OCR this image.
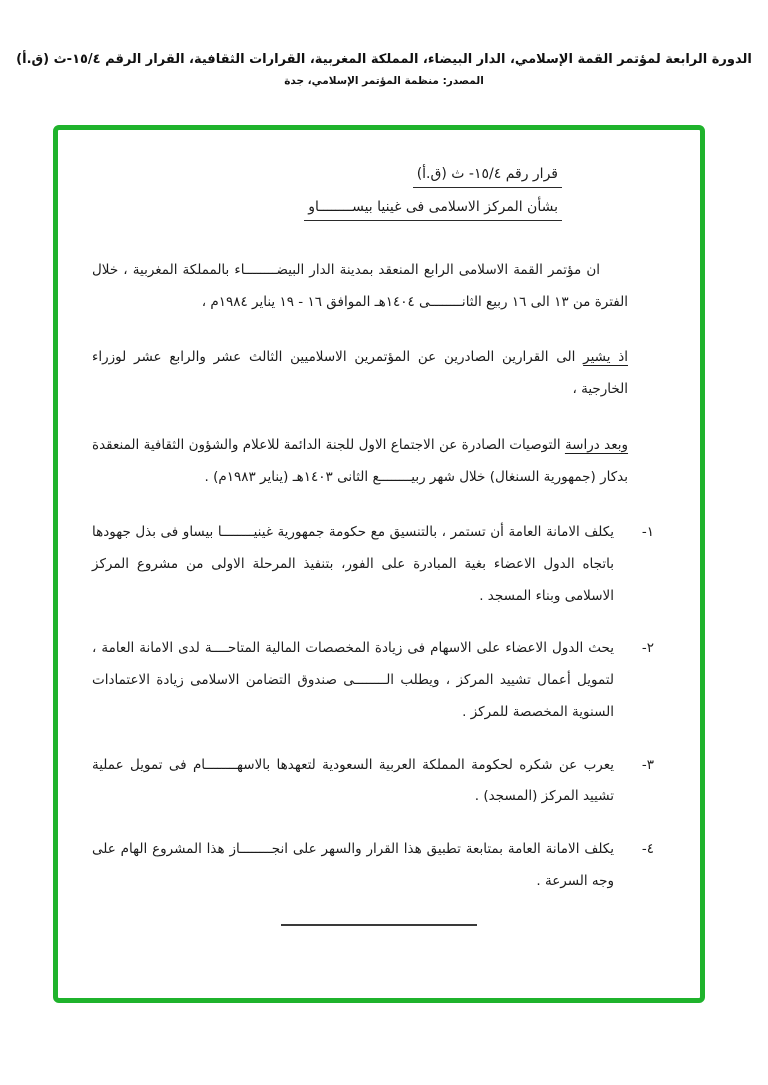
الدورة الرابعة لمؤتمر القمة الإسلامي، الدار البيضاء، المملكة المغربية، القرارات الثقافية، القرار الرقم ١٥/٤-ث (ق.أ)
المصدر: منظمة المؤتمر الإسلامي، جدة
قرار رقم ١٥/٤- ث (ق.أ)
بشأن المركز الاسلامى فى غينيا بيســــــــاو

ان مؤتمر القمة الاسلامى الرابع المنعقد بمدينة الدار البيضــــــــاء بالمملكة المغربية ، خلال الفترة من ١٣ الى ١٦ ربيع الثانــــــــى ١٤٠٤هـ الموافق ١٦ - ١٩ يناير ١٩٨٤م ،

اذ يشير الى القرارين الصادرين عن المؤتمرين الاسلاميين الثالث عشر والرابع عشر لوزراء الخارجية ،

وبعد دراسة التوصيات الصادرة عن الاجتماع الاول للجنة الدائمة للاعلام والشؤون الثقافية المنعقدة بدكار (جمهورية السنغال) خلال شهر ربيــــــــع الثانى ١٤٠٣هـ (يناير ١٩٨٣م) .

١-
يكلف الامانة العامة أن تستمر ، بالتنسيق مع حكومة جمهورية غينيــــــــا بيساو فى بذل جهودها باتجاه الدول الاعضاء بغية المبادرة على الفور، بتنفيذ المرحلة الاولى من مشروع المركز الاسلامى وبناء المسجد .
٢-
يحث الدول الاعضاء على الاسهام فى زيادة المخصصات المالية المتاحــــة لدى الامانة العامة ، لتمويل أعمال تشييد المركز ، ويطلب الــــــــى صندوق التضامن الاسلامى زيادة الاعتمادات السنوية المخصصة للمركز .
٣-
يعرب عن شكره لحكومة المملكة العربية السعودية لتعهدها بالاسهــــــــام فى تمويل عملية تشييد المركز (المسجد) .
٤-
يكلف الامانة العامة بمتابعة تطبيق هذا القرار والسهر على انجــــــــاز هذا المشروع الهام على وجه السرعة .
